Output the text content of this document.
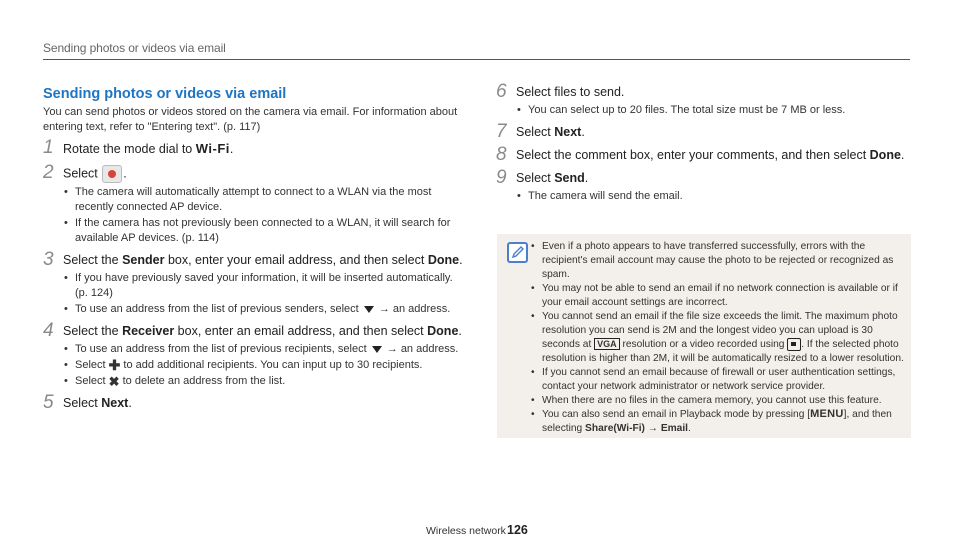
Sending photos or videos via email
Sending photos or videos via email
You can send photos or videos stored on the camera via email. For information about entering text, refer to "Entering text". (p. 117)
1 Rotate the mode dial to Wi-Fi.
2 Select .
• The camera will automatically attempt to connect to a WLAN via the most recently connected AP device.
• If the camera has not previously been connected to a WLAN, it will search for available AP devices. (p. 114)
3 Select the Sender box, enter your email address, and then select Done.
• If you have previously saved your information, it will be inserted automatically. (p. 124)
• To use an address from the list of previous senders, select  → an address.
4 Select the Receiver box, enter an email address, and then select Done.
• To use an address from the list of previous recipients, select  → an address.
• Select ✚ to add additional recipients. You can input up to 30 recipients.
• Select ✖ to delete an address from the list.
5 Select Next.
6 Select files to send.
• You can select up to 20 files. The total size must be 7 MB or less.
7 Select Next.
8 Select the comment box, enter your comments, and then select Done.
9 Select Send.
• The camera will send the email.
• Even if a photo appears to have transferred successfully, errors with the recipient's email account may cause the photo to be rejected or recognized as spam.
• You may not be able to send an email if no network connection is available or if your email account settings are incorrect.
• You cannot send an email if the file size exceeds the limit. The maximum photo resolution you can send is 2M and the longest video you can upload is 30 seconds at VGA resolution or a video recorded using . If the selected photo resolution is higher than 2M, it will be automatically resized to a lower resolution.
• If you cannot send an email because of firewall or user authentication settings, contact your network administrator or network service provider.
• When there are no files in the camera memory, you cannot use this feature.
• You can also send an email in Playback mode by pressing [MENU], and then selecting Share(Wi-Fi) → Email.
Wireless network 126
